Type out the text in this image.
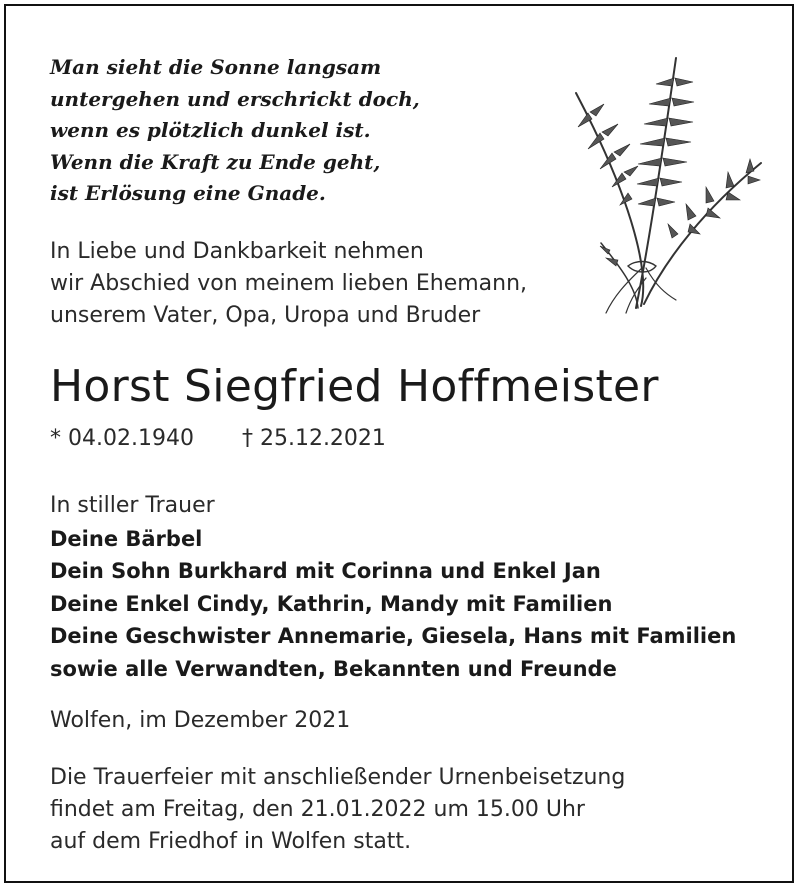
Man sieht die Sonne langsam
untergehen und erschrickt doch,
wenn es plötzlich dunkel ist.
Wenn die Kraft zu Ende geht,
ist Erlösung eine Gnade.
In Liebe und Dankbarkeit nehmen
wir Abschied von meinem lieben Ehemann,
unserem Vater, Opa, Uropa und Bruder
Horst Siegfried Hoffmeister
* 04.02.1940 † 25.12.2021
In stiller Trauer
Deine Bärbel
Dein Sohn Burkhard mit Corinna und Enkel Jan
Deine Enkel Cindy, Kathrin, Mandy mit Familien
Deine Geschwister Annemarie, Giesela, Hans mit Familien
sowie alle Verwandten, Bekannten und Freunde
Wolfen, im Dezember 2021
Die Trauerfeier mit anschließender Urnenbeisetzung
findet am Freitag, den 21.01.2022 um 15.00 Uhr
auf dem Friedhof in Wolfen statt.
